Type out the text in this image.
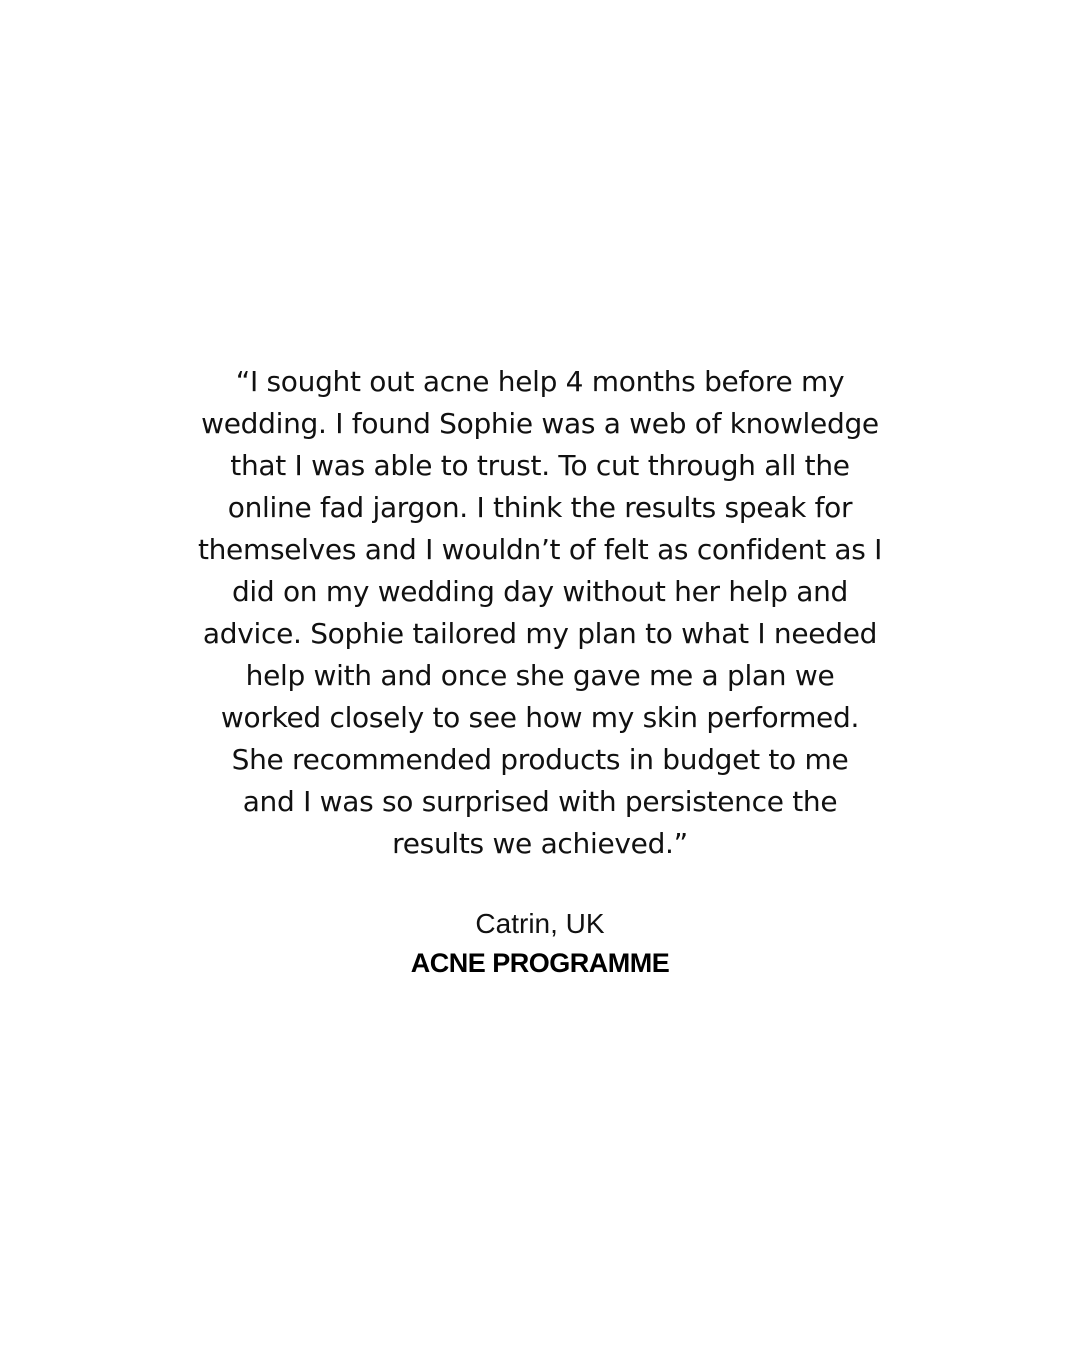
“I sought out acne help 4 months before my
wedding. I found Sophie was a web of knowledge
that I was able to trust. To cut through all the
online fad jargon. I think the results speak for
themselves and I wouldn’t of felt as confident as I
did on my wedding day without her help and
advice. Sophie tailored my plan to what I needed
help with and once she gave me a plan we
worked closely to see how my skin performed.
She recommended products in budget to me
and I was so surprised with persistence the
results we achieved.”
Catrin, UK
ACNE PROGRAMME
